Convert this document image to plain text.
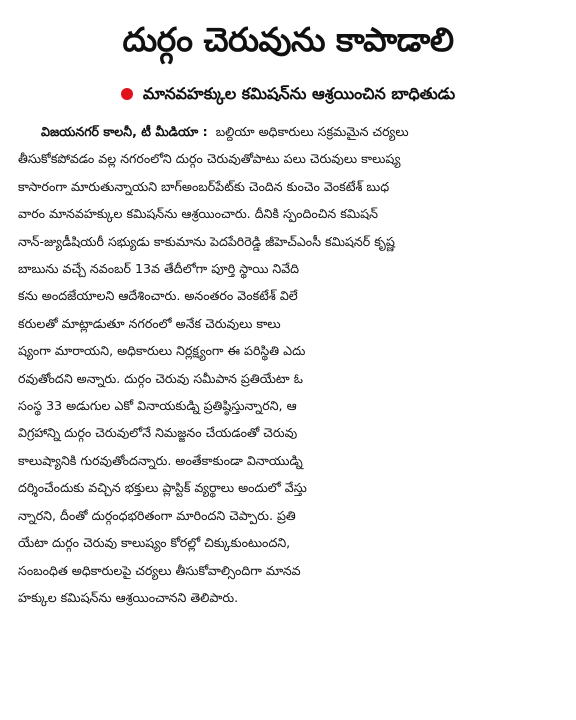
దుర్గం చెరువును కాపాడాలి
మానవహక్కుల కమిషన్‌ను ఆశ్రయించిన బాధితుడు
విజయనగర్ కాలనీ, టీ మీడియా : బల్దియా అధికారులు సక్రమమైన చర్యలు
తీసుకోకపోవడం వల్ల నగరంలోని దుర్గం చెరువుతోపాటు పలు చెరువులు కాలుష్య
కాసారంగా మారుతున్నాయని బాగ్‌అంబర్‌పేట్‌కు చెందిన కుంచెం వెంకటేశ్ బుధ
వారం మానవహక్కుల కమిషన్‌ను ఆశ్రయించారు. దీనికి స్పందించిన కమిషన్
నాన్-జ్యుడీషియరీ సభ్యుడు కాకుమాను పెదపేరిరెడ్డి జీహెచ్‌ఎంసీ కమిషనర్ కృష్ణ
బాబును వచ్చే నవంబర్ 13వ తేదీలోగా పూర్తి స్థాయి నివేది
కను అందజేయాలని ఆదేశించారు. అనంతరం వెంకటేశ్ విలే
కరులతో మాట్లాడుతూ నగరంలో అనేక చెరువులు కాలు
ష్యంగా మారాయని, అధికారులు నిర్లక్ష్యంగా ఈ పరిస్థితి ఎదు
రవుతోందని అన్నారు. దుర్గం చెరువు సమీపాన ప్రతియేటా ఓ
సంస్థ 33 అడుగుల ఎకో వినాయకుడ్ని ప్రతిష్ఠిస్తున్నారని, ఆ
విగ్రహాన్ని దుర్గం చెరువులోనే నిమజ్జనం చేయడంతో చెరువు
కాలుష్యానికి గురవుతోందన్నారు. అంతేకాకుండా వినాయుడ్ని
దర్శించేందుకు వచ్చిన భక్తులు ప్లాస్టిక్ వ్యర్థాలు అందులో వేస్తు
న్నారని, దీంతో దుర్గంధభరితంగా మారిందని చెప్పారు. ప్రతి
యేటా దుర్గం చెరువు కాలుష్యం కోరల్లో చిక్కుకుంటుందని,
సంబంధిత అధికారులపై చర్యలు తీసుకోవాల్సిందిగా మానవ
హక్కుల కమిషన్‌ను ఆశ్రయించానని తెలిపారు.
